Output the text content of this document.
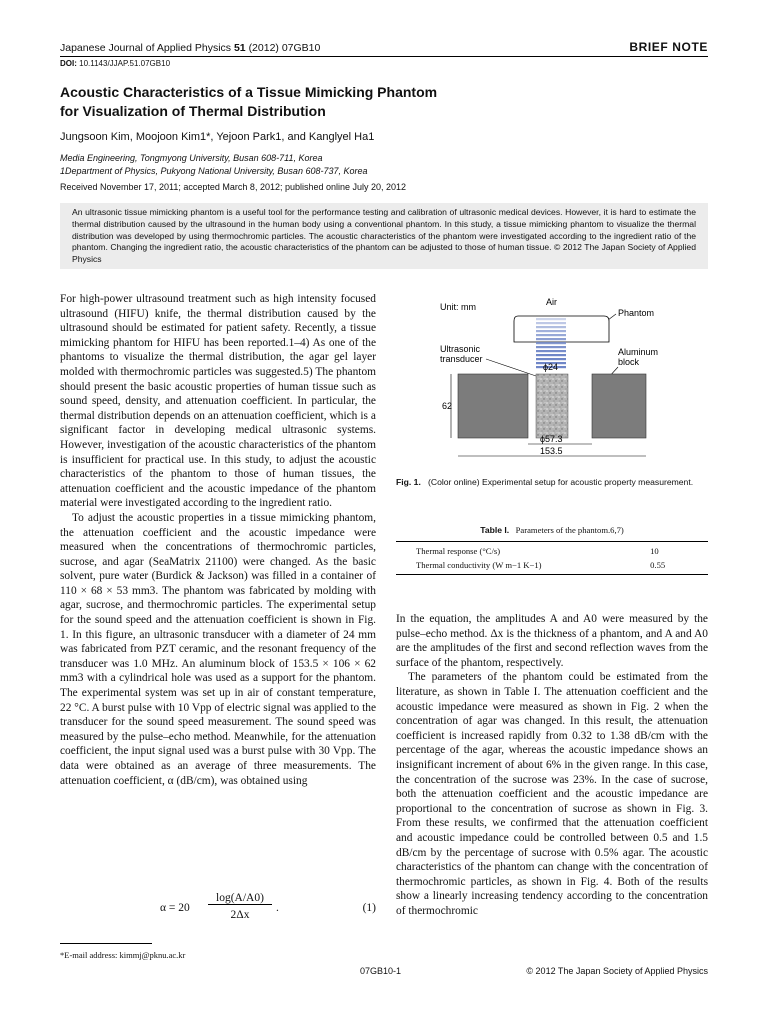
Japanese Journal of Applied Physics 51 (2012) 07GB10	BRIEF NOTE
DOI: 10.1143/JJAP.51.07GB10
Acoustic Characteristics of a Tissue Mimicking Phantom
for Visualization of Thermal Distribution
Jungsoon Kim, Moojoon Kim1*, Yejoon Park1, and Kanglyel Ha1
Media Engineering, Tongmyong University, Busan 608-711, Korea
1Department of Physics, Pukyong National University, Busan 608-737, Korea
Received November 17, 2011; accepted March 8, 2012; published online July 20, 2012
An ultrasonic tissue mimicking phantom is a useful tool for the performance testing and calibration of ultrasonic medical devices. However, it is hard to estimate the thermal distribution caused by the ultrasound in the human body using a conventional phantom. In this study, a tissue mimicking phantom to visualize the thermal distribution was developed by using thermochromic particles. The acoustic characteristics of the phantom were investigated according to the ingredient ratio of the phantom. Changing the ingredient ratio, the acoustic characteristics of the phantom can be adjusted to those of human tissue. © 2012 The Japan Society of Applied Physics

For high-power ultrasound treatment such as high intensity focused ultrasound (HIFU) knife, the thermal distribution caused by the ultrasound should be estimated for patient safety. Recently, a tissue mimicking phantom for HIFU has been reported.1–4) As one of the phantoms to visualize the thermal distribution, the agar gel layer molded with thermochromic particles was suggested.5) The phantom should present the basic acoustic properties of human tissue such as sound speed, density, and attenuation coefficient. In particular, the thermal distribution depends on an attenuation coefficient, which is a significant factor in developing medical ultrasonic systems. However, investigation of the acoustic characteristics of the phantom is insufficient for practical use. In this study, to adjust the acoustic characteristics of the phantom to those of human tissues, the attenuation coefficient and the acoustic impedance of the phantom material were investigated according to the ingredient ratio.

To adjust the acoustic properties in a tissue mimicking phantom, the attenuation coefficient and the acoustic impedance were measured when the concentrations of thermochromic particles, sucrose, and agar (SeaMatrix 21100) were changed. As the basic solvent, pure water (Burdick & Jackson) was filled in a container of 110 × 68 × 53 mm3. The phantom was fabricated by molding with agar, sucrose, and thermochromic particles. The experimental setup for the sound speed and the attenuation coefficient is shown in Fig. 1. In this figure, an ultrasonic transducer with a diameter of 24 mm was fabricated from PZT ceramic, and the resonant frequency of the transducer was 1.0 MHz. An aluminum block of 153.5 × 106 × 62 mm3 with a cylindrical hole was used as a support for the phantom. The experimental system was set up in air of constant temperature, 22 °C. A burst pulse with 10 Vpp of electric signal was applied to the transducer for the sound speed measurement. The sound speed was measured by the pulse–echo method. Meanwhile, for the attenuation coefficient, the input signal used was a burst pulse with 30 Vpp. The data were obtained as an average of three measurements. The attenuation coefficient, α (dB/cm), was obtained using

α = 20
log(A/A0)
2Δx
.	(1)
*E-mail address: kimmj@pknu.ac.kr
Unit: mm	Air
Phantom
Ultrasonic
transducer
Aluminum
block
ϕ24
62
ϕ57.3
153.5
Fig. 1. (Color online) Experimental setup for acoustic property measurement.
Table I. Parameters of the phantom.6,7)
Thermal response (°C/s)	10
Thermal conductivity (W m−1 K−1)	0.55

In the equation, the amplitudes A and A0 were measured by the pulse–echo method. Δx is the thickness of a phantom, and A and A0 are the amplitudes of the first and second reflection waves from the surface of the phantom, respectively.

The parameters of the phantom could be estimated from the literature, as shown in Table I. The attenuation coefficient and the acoustic impedance were measured as shown in Fig. 2 when the concentration of agar was changed. In this result, the attenuation coefficient is increased rapidly from 0.32 to 1.38 dB/cm with the percentage of the agar, whereas the acoustic impedance shows an insignificant increment of about 6% in the given range. In this case, the concentration of the sucrose was 23%. In the case of sucrose, both the attenuation coefficient and the acoustic impedance are proportional to the concentration of sucrose as shown in Fig. 3. From these results, we confirmed that the attenuation coefficient and acoustic impedance could be controlled between 0.5 and 1.5 dB/cm by the percentage of sucrose with 0.5% agar. The acoustic characteristics of the phantom can change with the concentration of thermochromic particles, as shown in Fig. 4. Both of the results show a linearly increasing tendency according to the concentration of thermochromic

07GB10-1	© 2012 The Japan Society of Applied Physics
